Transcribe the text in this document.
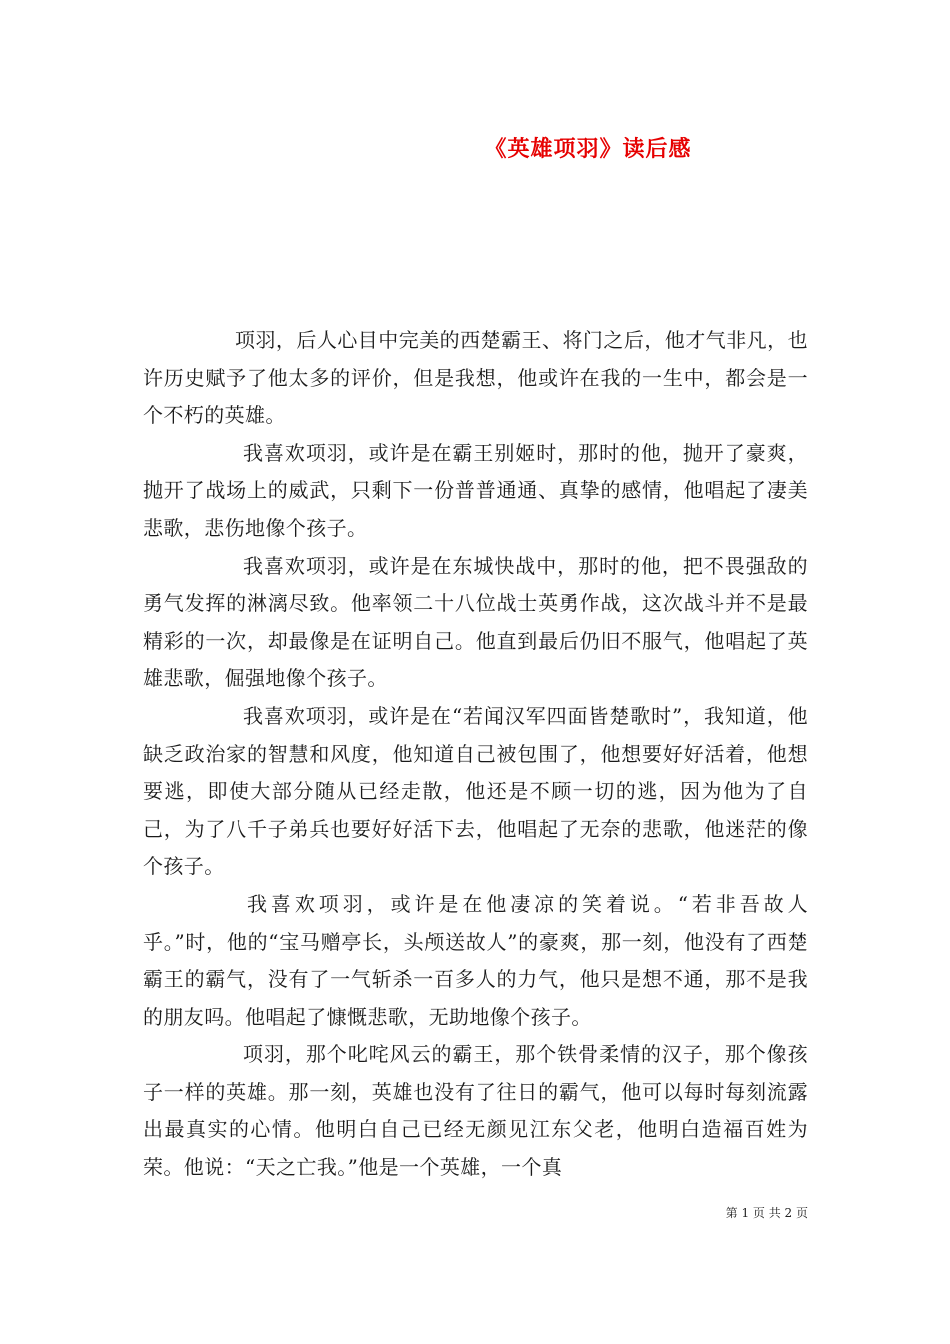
《英雄项羽》读后感

项羽，后人心目中完美的西楚霸王、将门之后，他才气非凡，也许历史赋予了他太多的评价，但是我想，他或许在我的一生中，都会是一个不朽的英雄。

我喜欢项羽，或许是在霸王别姬时，那时的他，抛开了豪爽，抛开了战场上的威武，只剩下一份普普通通、真挚的感情，他唱起了凄美悲歌，悲伤地像个孩子。

我喜欢项羽，或许是在东城快战中，那时的他，把不畏强敌的勇气发挥的淋漓尽致。他率领二十八位战士英勇作战，这次战斗并不是最精彩的一次，却最像是在证明自己。他直到最后仍旧不服气，他唱起了英雄悲歌，倔强地像个孩子。

我喜欢项羽，或许是在“若闻汉军四面皆楚歌时”，我知道，他缺乏政治家的智慧和风度，他知道自己被包围了，他想要好好活着，他想要逃，即使大部分随从已经走散，他还是不顾一切的逃，因为他为了自己，为了八千子弟兵也要好好活下去，他唱起了无奈的悲歌，他迷茫的像个孩子。

我喜欢项羽，或许是在他凄凉的笑着说。“若非吾故人乎。”时，他的“宝马赠亭长，头颅送故人”的豪爽，那一刻，他没有了西楚霸王的霸气，没有了一气斩杀一百多人的力气，他只是想不通，那不是我的朋友吗。他唱起了慷慨悲歌，无助地像个孩子。

项羽，那个叱咤风云的霸王，那个铁骨柔情的汉子，那个像孩子一样的英雄。那一刻，英雄也没有了往日的霸气，他可以每时每刻流露出最真实的心情。他明白自己已经无颜见江东父老，他明白造福百姓为荣。他说：“天之亡我。”他是一个英雄，一个真

第 1 页 共 2 页
